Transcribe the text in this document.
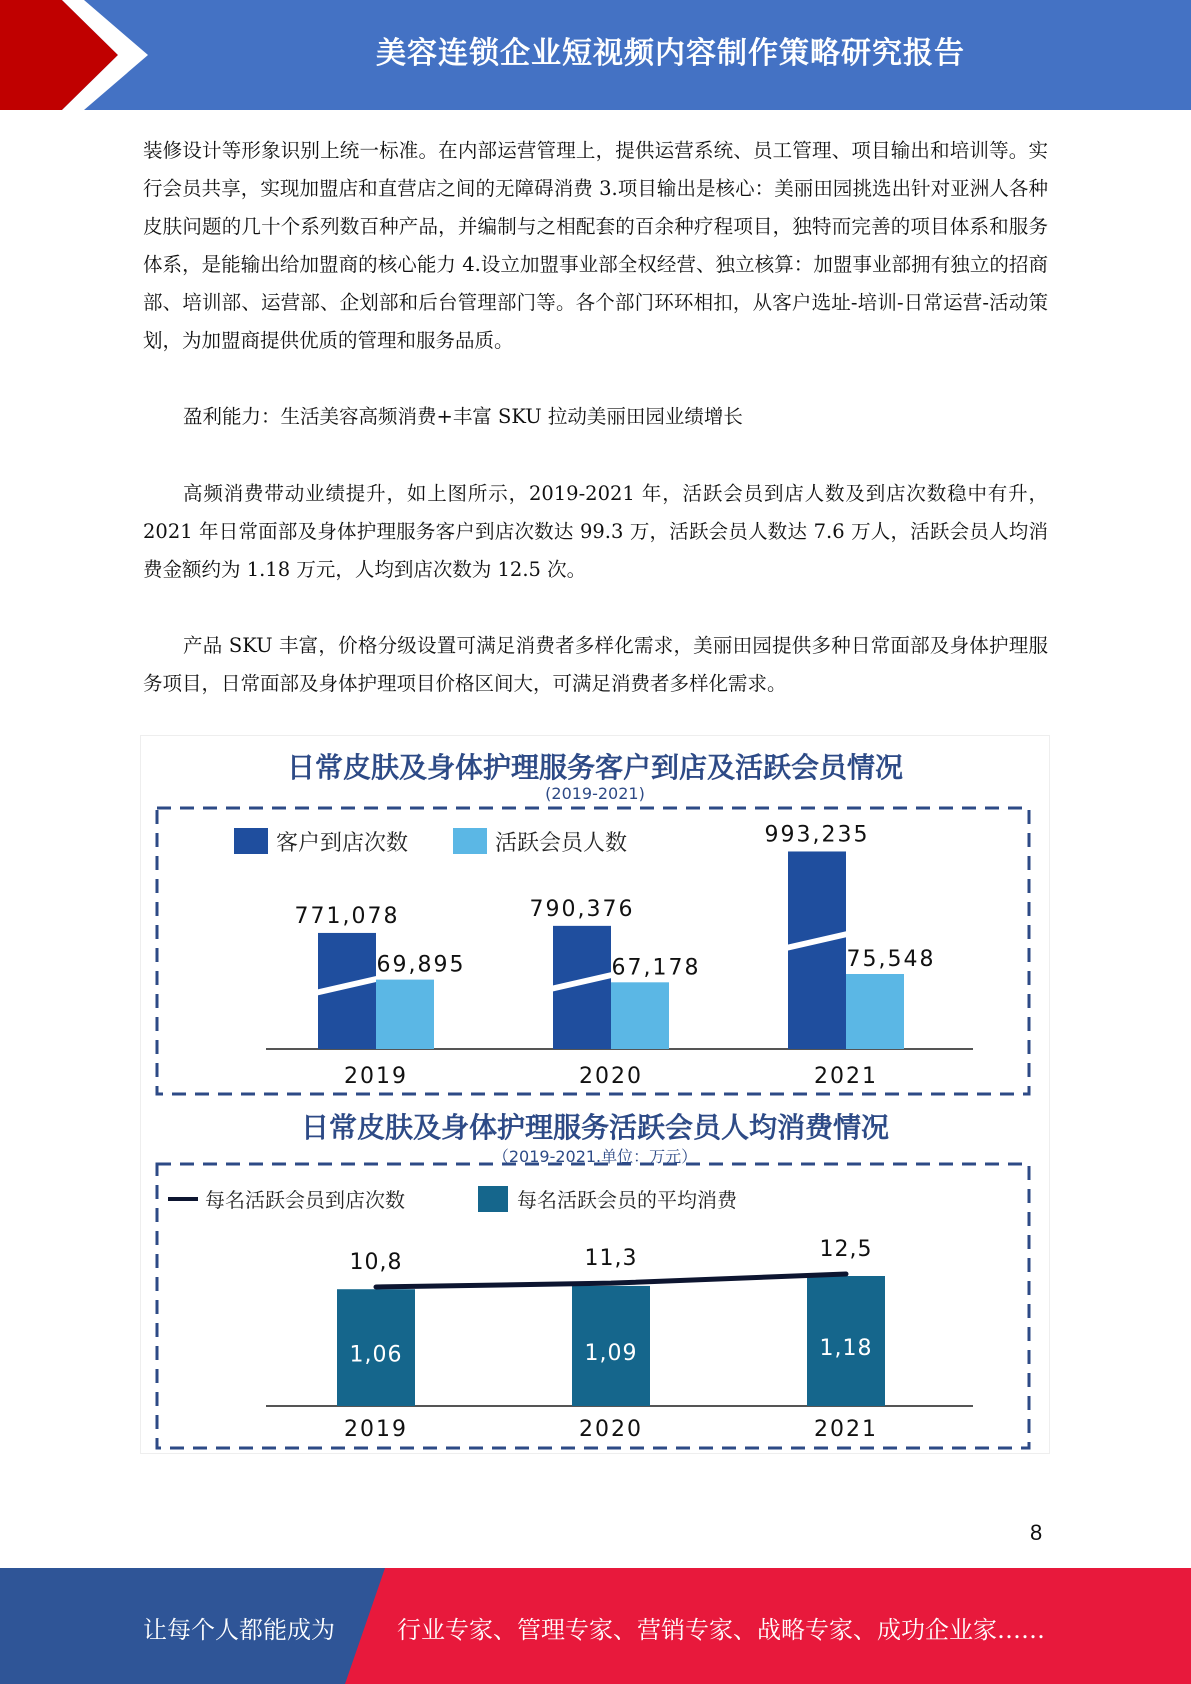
美容连锁企业短视频内容制作策略研究报告
装修设计等形象识别上统一标准。在内部运营管理上，提供运营系统、员工管理、项目输出和培训等。实行会员共享，实现加盟店和直营店之间的无障碍消费 3.项目输出是核心：美丽田园挑选出针对亚洲人各种皮肤问题的几十个系列数百种产品，并编制与之相配套的百余种疗程项目，独特而完善的项目体系和服务体系，是能输出给加盟商的核心能力 4.设立加盟事业部全权经营、独立核算：加盟事业部拥有独立的招商部、培训部、运营部、企划部和后台管理部门等。各个部门环环相扣，从客户选址-培训-日常运营-活动策划，为加盟商提供优质的管理和服务品质。
盈利能力：生活美容高频消费+丰富 SKU 拉动美丽田园业绩增长
高频消费带动业绩提升，如上图所示，2019-2021 年，活跃会员到店人数及到店次数稳中有升，2021 年日常面部及身体护理服务客户到店次数达 99.3 万，活跃会员人数达 7.6 万人，活跃会员人均消费金额约为 1.18 万元，人均到店次数为 12.5 次。
产品 SKU 丰富，价格分级设置可满足消费者多样化需求，美丽田园提供多种日常面部及身体护理服务项目，日常面部及身体护理项目价格区间大，可满足消费者多样化需求。
日常皮肤及身体护理服务客户到店及活跃会员情况
(2019-2021)
日常皮肤及身体护理服务活跃会员人均消费情况
（2019-2021.单位：万元）
客户到店次数	活跃会员人数
771,078
69,895
2019
790,376
67,178
2020
993,235
75,548
2021
每名活跃会员到店次数	每名活跃会员的平均消费
1,06
2019
10,8
1,09
2020
11,3
1,18
2021
12,5
8
让每个人都能成为	行业专家、管理专家、营销专家、战略专家、成功企业家……
